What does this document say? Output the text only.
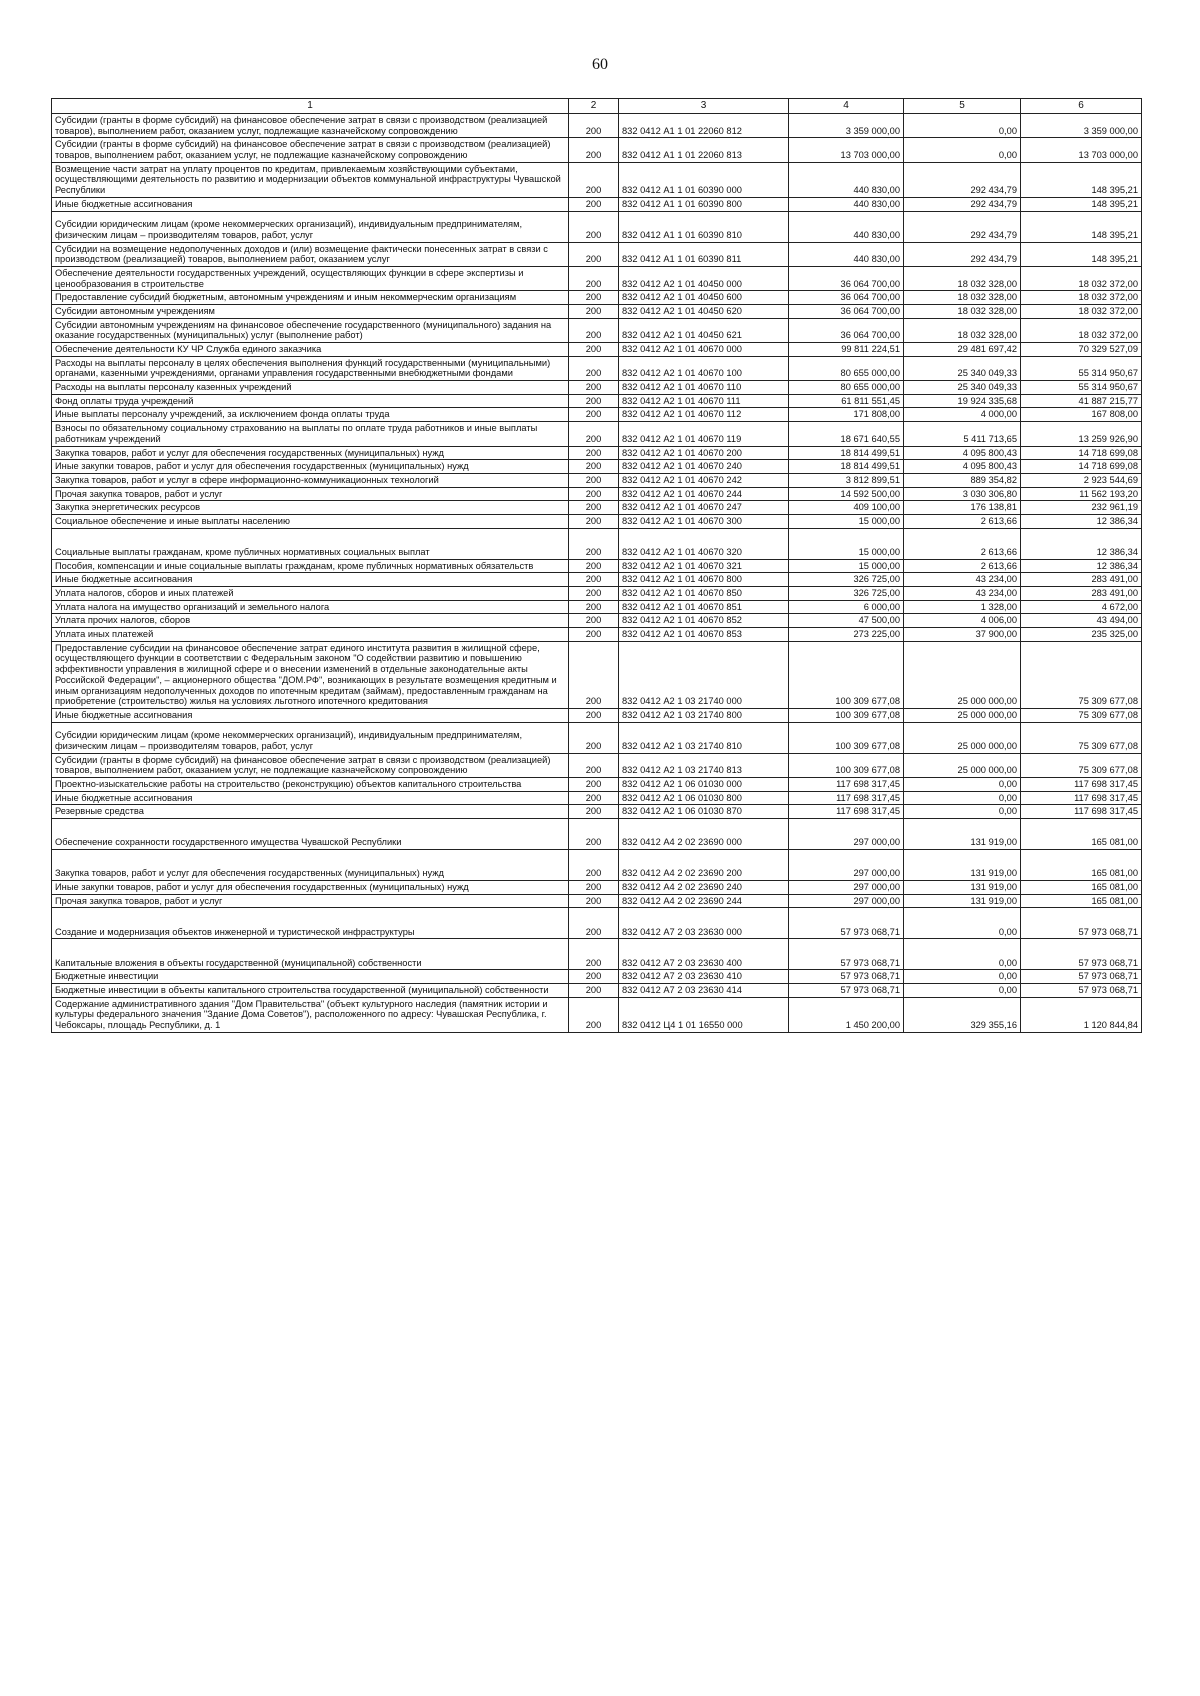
60
1	2	3	4	5	6
Субсидии (гранты в форме субсидий) на финансовое обеспечение затрат в связи с производством (реализацией товаров), выполнением работ, оказанием услуг, подлежащие казначейскому сопровождению	200	832 0412 А1 1 01 22060 812	3 359 000,00	0,00	3 359 000,00
Субсидии (гранты в форме субсидий) на финансовое обеспечение затрат в связи с производством (реализацией) товаров, выполнением работ, оказанием услуг, не подлежащие казначейскому сопровождению	200	832 0412 А1 1 01 22060 813	13 703 000,00	0,00	13 703 000,00
Возмещение части затрат на уплату процентов по кредитам, привлекаемым хозяйствующими субъектами, осуществляющими деятельность по развитию и модернизации объектов коммунальной инфраструктуры Чувашской Республики	200	832 0412 А1 1 01 60390 000	440 830,00	292 434,79	148 395,21
Иные бюджетные ассигнования	200	832 0412 А1 1 01 60390 800	440 830,00	292 434,79	148 395,21
Субсидии юридическим лицам (кроме некоммерческих организаций), индивидуальным предпринимателям, физическим лицам – производителям товаров, работ, услуг	200	832 0412 А1 1 01 60390 810	440 830,00	292 434,79	148 395,21
Субсидии на возмещение недополученных доходов и (или) возмещение фактически понесенных затрат в связи с производством (реализацией) товаров, выполнением работ, оказанием услуг	200	832 0412 А1 1 01 60390 811	440 830,00	292 434,79	148 395,21
Обеспечение деятельности государственных учреждений, осуществляющих функции в сфере экспертизы и ценообразования в строительстве	200	832 0412 А2 1 01 40450 000	36 064 700,00	18 032 328,00	18 032 372,00
Предоставление субсидий бюджетным, автономным учреждениям и иным некоммерческим организациям	200	832 0412 А2 1 01 40450 600	36 064 700,00	18 032 328,00	18 032 372,00
Субсидии автономным учреждениям	200	832 0412 А2 1 01 40450 620	36 064 700,00	18 032 328,00	18 032 372,00
Субсидии автономным учреждениям на финансовое обеспечение государственного (муниципального) задания на оказание государственных (муниципальных) услуг (выполнение работ)	200	832 0412 А2 1 01 40450 621	36 064 700,00	18 032 328,00	18 032 372,00
Обеспечение деятельности КУ ЧР Служба единого заказчика	200	832 0412 А2 1 01 40670 000	99 811 224,51	29 481 697,42	70 329 527,09
Расходы на выплаты персоналу в целях обеспечения выполнения функций государственными (муниципальными) органами, казенными учреждениями, органами управления государственными внебюджетными фондами	200	832 0412 А2 1 01 40670 100	80 655 000,00	25 340 049,33	55 314 950,67
Расходы на выплаты персоналу казенных учреждений	200	832 0412 А2 1 01 40670 110	80 655 000,00	25 340 049,33	55 314 950,67
Фонд оплаты труда учреждений	200	832 0412 А2 1 01 40670 111	61 811 551,45	19 924 335,68	41 887 215,77
Иные выплаты персоналу учреждений, за исключением фонда оплаты труда	200	832 0412 А2 1 01 40670 112	171 808,00	4 000,00	167 808,00
Взносы по обязательному социальному страхованию на выплаты по оплате труда работников и иные выплаты работникам учреждений	200	832 0412 А2 1 01 40670 119	18 671 640,55	5 411 713,65	13 259 926,90
Закупка товаров, работ и услуг для обеспечения государственных (муниципальных) нужд	200	832 0412 А2 1 01 40670 200	18 814 499,51	4 095 800,43	14 718 699,08
Иные закупки товаров, работ и услуг для обеспечения государственных (муниципальных) нужд	200	832 0412 А2 1 01 40670 240	18 814 499,51	4 095 800,43	14 718 699,08
Закупка товаров, работ и услуг в сфере информационно-коммуникационных технологий	200	832 0412 А2 1 01 40670 242	3 812 899,51	889 354,82	2 923 544,69
Прочая закупка товаров, работ и услуг	200	832 0412 А2 1 01 40670 244	14 592 500,00	3 030 306,80	11 562 193,20
Закупка энергетических ресурсов	200	832 0412 А2 1 01 40670 247	409 100,00	176 138,81	232 961,19
Социальное обеспечение и иные выплаты населению	200	832 0412 А2 1 01 40670 300	15 000,00	2 613,66	12 386,34
Социальные выплаты гражданам, кроме публичных нормативных социальных выплат	200	832 0412 А2 1 01 40670 320	15 000,00	2 613,66	12 386,34
Пособия, компенсации и иные социальные выплаты гражданам, кроме публичных нормативных обязательств	200	832 0412 А2 1 01 40670 321	15 000,00	2 613,66	12 386,34
Иные бюджетные ассигнования	200	832 0412 А2 1 01 40670 800	326 725,00	43 234,00	283 491,00
Уплата налогов, сборов и иных платежей	200	832 0412 А2 1 01 40670 850	326 725,00	43 234,00	283 491,00
Уплата налога на имущество организаций и земельного налога	200	832 0412 А2 1 01 40670 851	6 000,00	1 328,00	4 672,00
Уплата прочих налогов, сборов	200	832 0412 А2 1 01 40670 852	47 500,00	4 006,00	43 494,00
Уплата иных платежей	200	832 0412 А2 1 01 40670 853	273 225,00	37 900,00	235 325,00
Предоставление субсидии на финансовое обеспечение затрат единого института развития в жилищной сфере, осуществляющего функции в соответствии с Федеральным законом "О содействии развитию и повышению эффективности управления в жилищной сфере и о внесении изменений в отдельные законодательные акты Российской Федерации", – акционерного общества "ДОМ.РФ", возникающих в результате возмещения кредитным и иным организациям недополученных доходов по ипотечным кредитам (займам), предоставленным гражданам на приобретение (строительство) жилья на условиях льготного ипотечного кредитования	200	832 0412 А2 1 03 21740 000	100 309 677,08	25 000 000,00	75 309 677,08
Иные бюджетные ассигнования	200	832 0412 А2 1 03 21740 800	100 309 677,08	25 000 000,00	75 309 677,08
Субсидии юридическим лицам (кроме некоммерческих организаций), индивидуальным предпринимателям, физическим лицам – производителям товаров, работ, услуг	200	832 0412 А2 1 03 21740 810	100 309 677,08	25 000 000,00	75 309 677,08
Субсидии (гранты в форме субсидий) на финансовое обеспечение затрат в связи с производством (реализацией) товаров, выполнением работ, оказанием услуг, не подлежащие казначейскому сопровождению	200	832 0412 А2 1 03 21740 813	100 309 677,08	25 000 000,00	75 309 677,08
Проектно-изыскательские работы на строительство (реконструкцию) объектов капитального строительства	200	832 0412 А2 1 06 01030 000	117 698 317,45	0,00	117 698 317,45
Иные бюджетные ассигнования	200	832 0412 А2 1 06 01030 800	117 698 317,45	0,00	117 698 317,45
Резервные средства	200	832 0412 А2 1 06 01030 870	117 698 317,45	0,00	117 698 317,45
Обеспечение сохранности государственного имущества Чувашской Республики	200	832 0412 А4 2 02 23690 000	297 000,00	131 919,00	165 081,00
Закупка товаров, работ и услуг для обеспечения государственных (муниципальных) нужд	200	832 0412 А4 2 02 23690 200	297 000,00	131 919,00	165 081,00
Иные закупки товаров, работ и услуг для обеспечения государственных (муниципальных) нужд	200	832 0412 А4 2 02 23690 240	297 000,00	131 919,00	165 081,00
Прочая закупка товаров, работ и услуг	200	832 0412 А4 2 02 23690 244	297 000,00	131 919,00	165 081,00
Создание и модернизация объектов инженерной и туристической инфраструктуры	200	832 0412 А7 2 03 23630 000	57 973 068,71	0,00	57 973 068,71
Капитальные вложения в объекты государственной (муниципальной) собственности	200	832 0412 А7 2 03 23630 400	57 973 068,71	0,00	57 973 068,71
Бюджетные инвестиции	200	832 0412 А7 2 03 23630 410	57 973 068,71	0,00	57 973 068,71
Бюджетные инвестиции в объекты капитального строительства государственной (муниципальной) собственности	200	832 0412 А7 2 03 23630 414	57 973 068,71	0,00	57 973 068,71
Содержание административного здания "Дом Правительства" (объект культурного наследия (памятник истории и культуры федерального значения "Здание Дома Советов"), расположенного по адресу: Чувашская Республика, г. Чебоксары, площадь Республики, д. 1	200	832 0412 Ц4 1 01 16550 000	1 450 200,00	329 355,16	1 120 844,84
